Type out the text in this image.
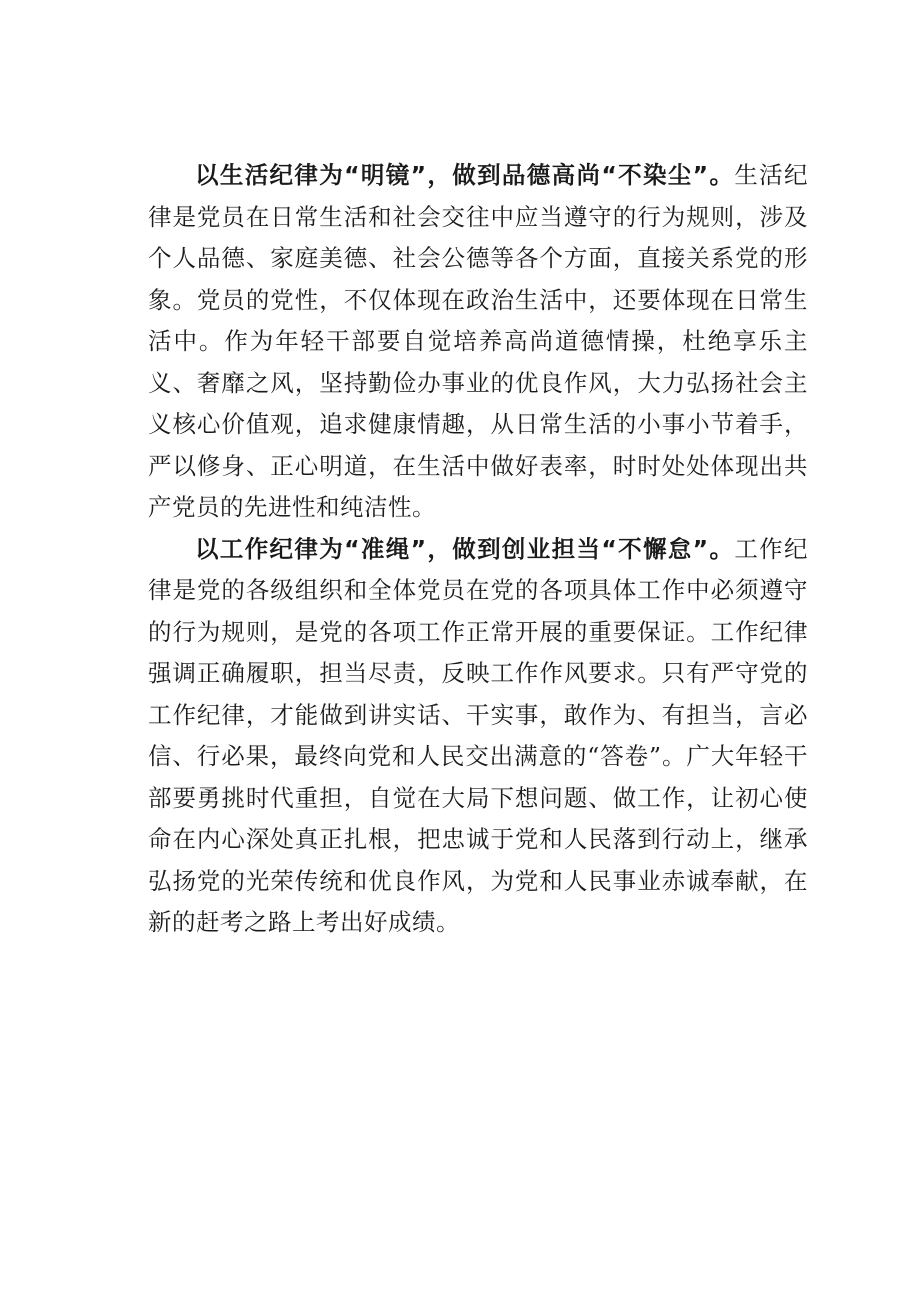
以生活纪律为“明镜”，做到品德高尚“不染尘”。生活纪律是党员在日常生活和社会交往中应当遵守的行为规则，涉及个人品德、家庭美德、社会公德等各个方面，直接关系党的形象。党员的党性，不仅体现在政治生活中，还要体现在日常生活中。作为年轻干部要自觉培养高尚道德情操，杜绝享乐主义、奢靡之风，坚持勤俭办事业的优良作风，大力弘扬社会主义核心价值观，追求健康情趣，从日常生活的小事小节着手，严以修身、正心明道，在生活中做好表率，时时处处体现出共产党员的先进性和纯洁性。

以工作纪律为“准绳”，做到创业担当“不懈怠”。工作纪律是党的各级组织和全体党员在党的各项具体工作中必须遵守的行为规则，是党的各项工作正常开展的重要保证。工作纪律强调正确履职，担当尽责，反映工作作风要求。只有严守党的工作纪律，才能做到讲实话、干实事，敢作为、有担当，言必信、行必果，最终向党和人民交出满意的“答卷”。广大年轻干部要勇挑时代重担，自觉在大局下想问题、做工作，让初心使命在内心深处真正扎根，把忠诚于党和人民落到行动上，继承弘扬党的光荣传统和优良作风，为党和人民事业赤诚奉献，在新的赶考之路上考出好成绩。
